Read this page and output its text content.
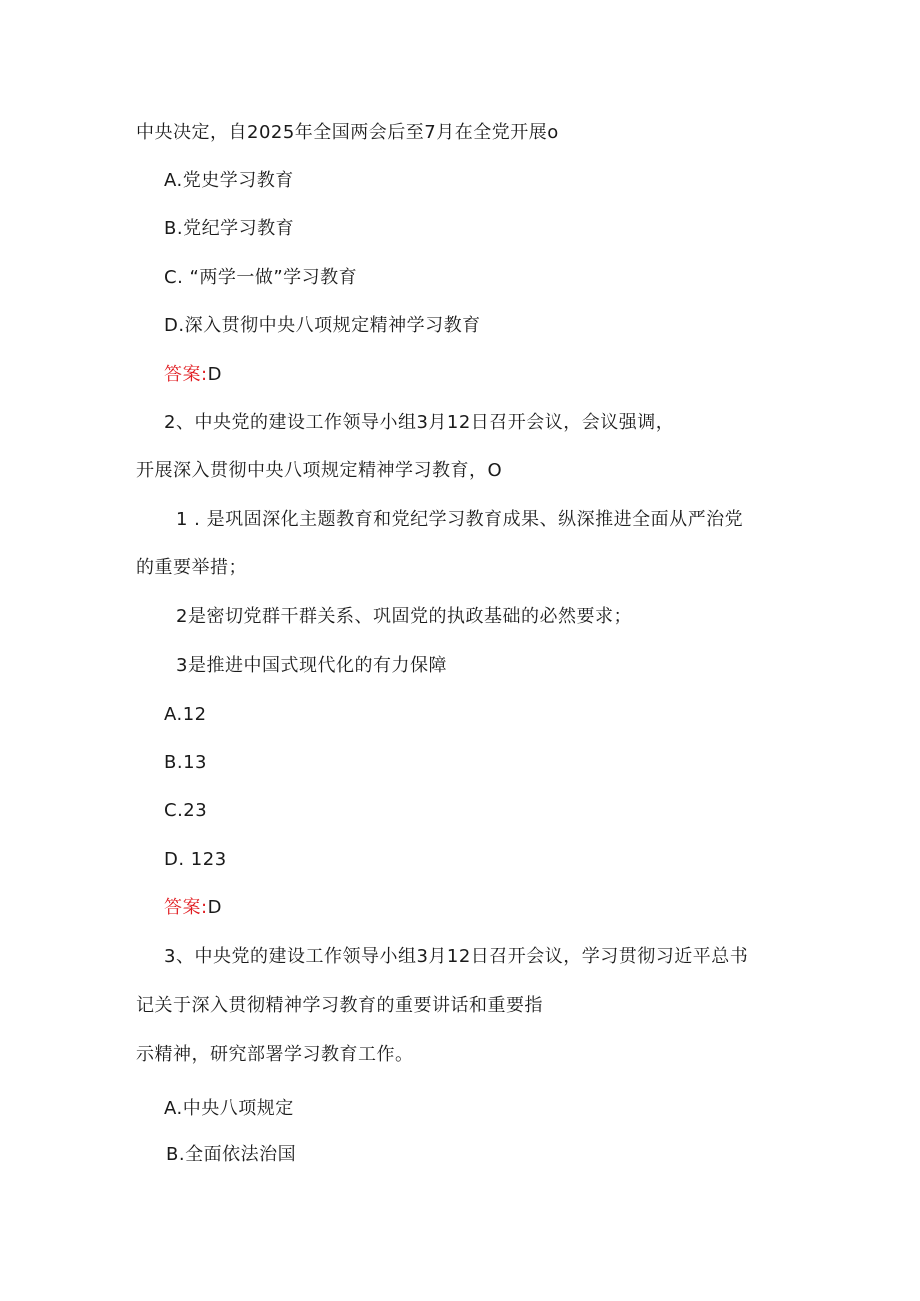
中央决定，自2025年全国两会后至7月在全党开展o
A.党史学习教育
B.党纪学习教育
C. “两学一做”学习教育
D.深入贯彻中央八项规定精神学习教育
答案:D
2、中央党的建设工作领导小组3月12日召开会议，会议强调，
开展深入贯彻中央八项规定精神学习教育，O
1 . 是巩固深化主题教育和党纪学习教育成果、纵深推进全面从严治党
的重要举措；
2是密切党群干群关系、巩固党的执政基础的必然要求；
3是推进中国式现代化的有力保障
A.12
B.13
C.23
D. 123
答案:D
3、中央党的建设工作领导小组3月12日召开会议，学习贯彻习近平总书
记关于深入贯彻精神学习教育的重要讲话和重要指
示精神，研究部署学习教育工作。
A.中央八项规定
B.全面依法治国
